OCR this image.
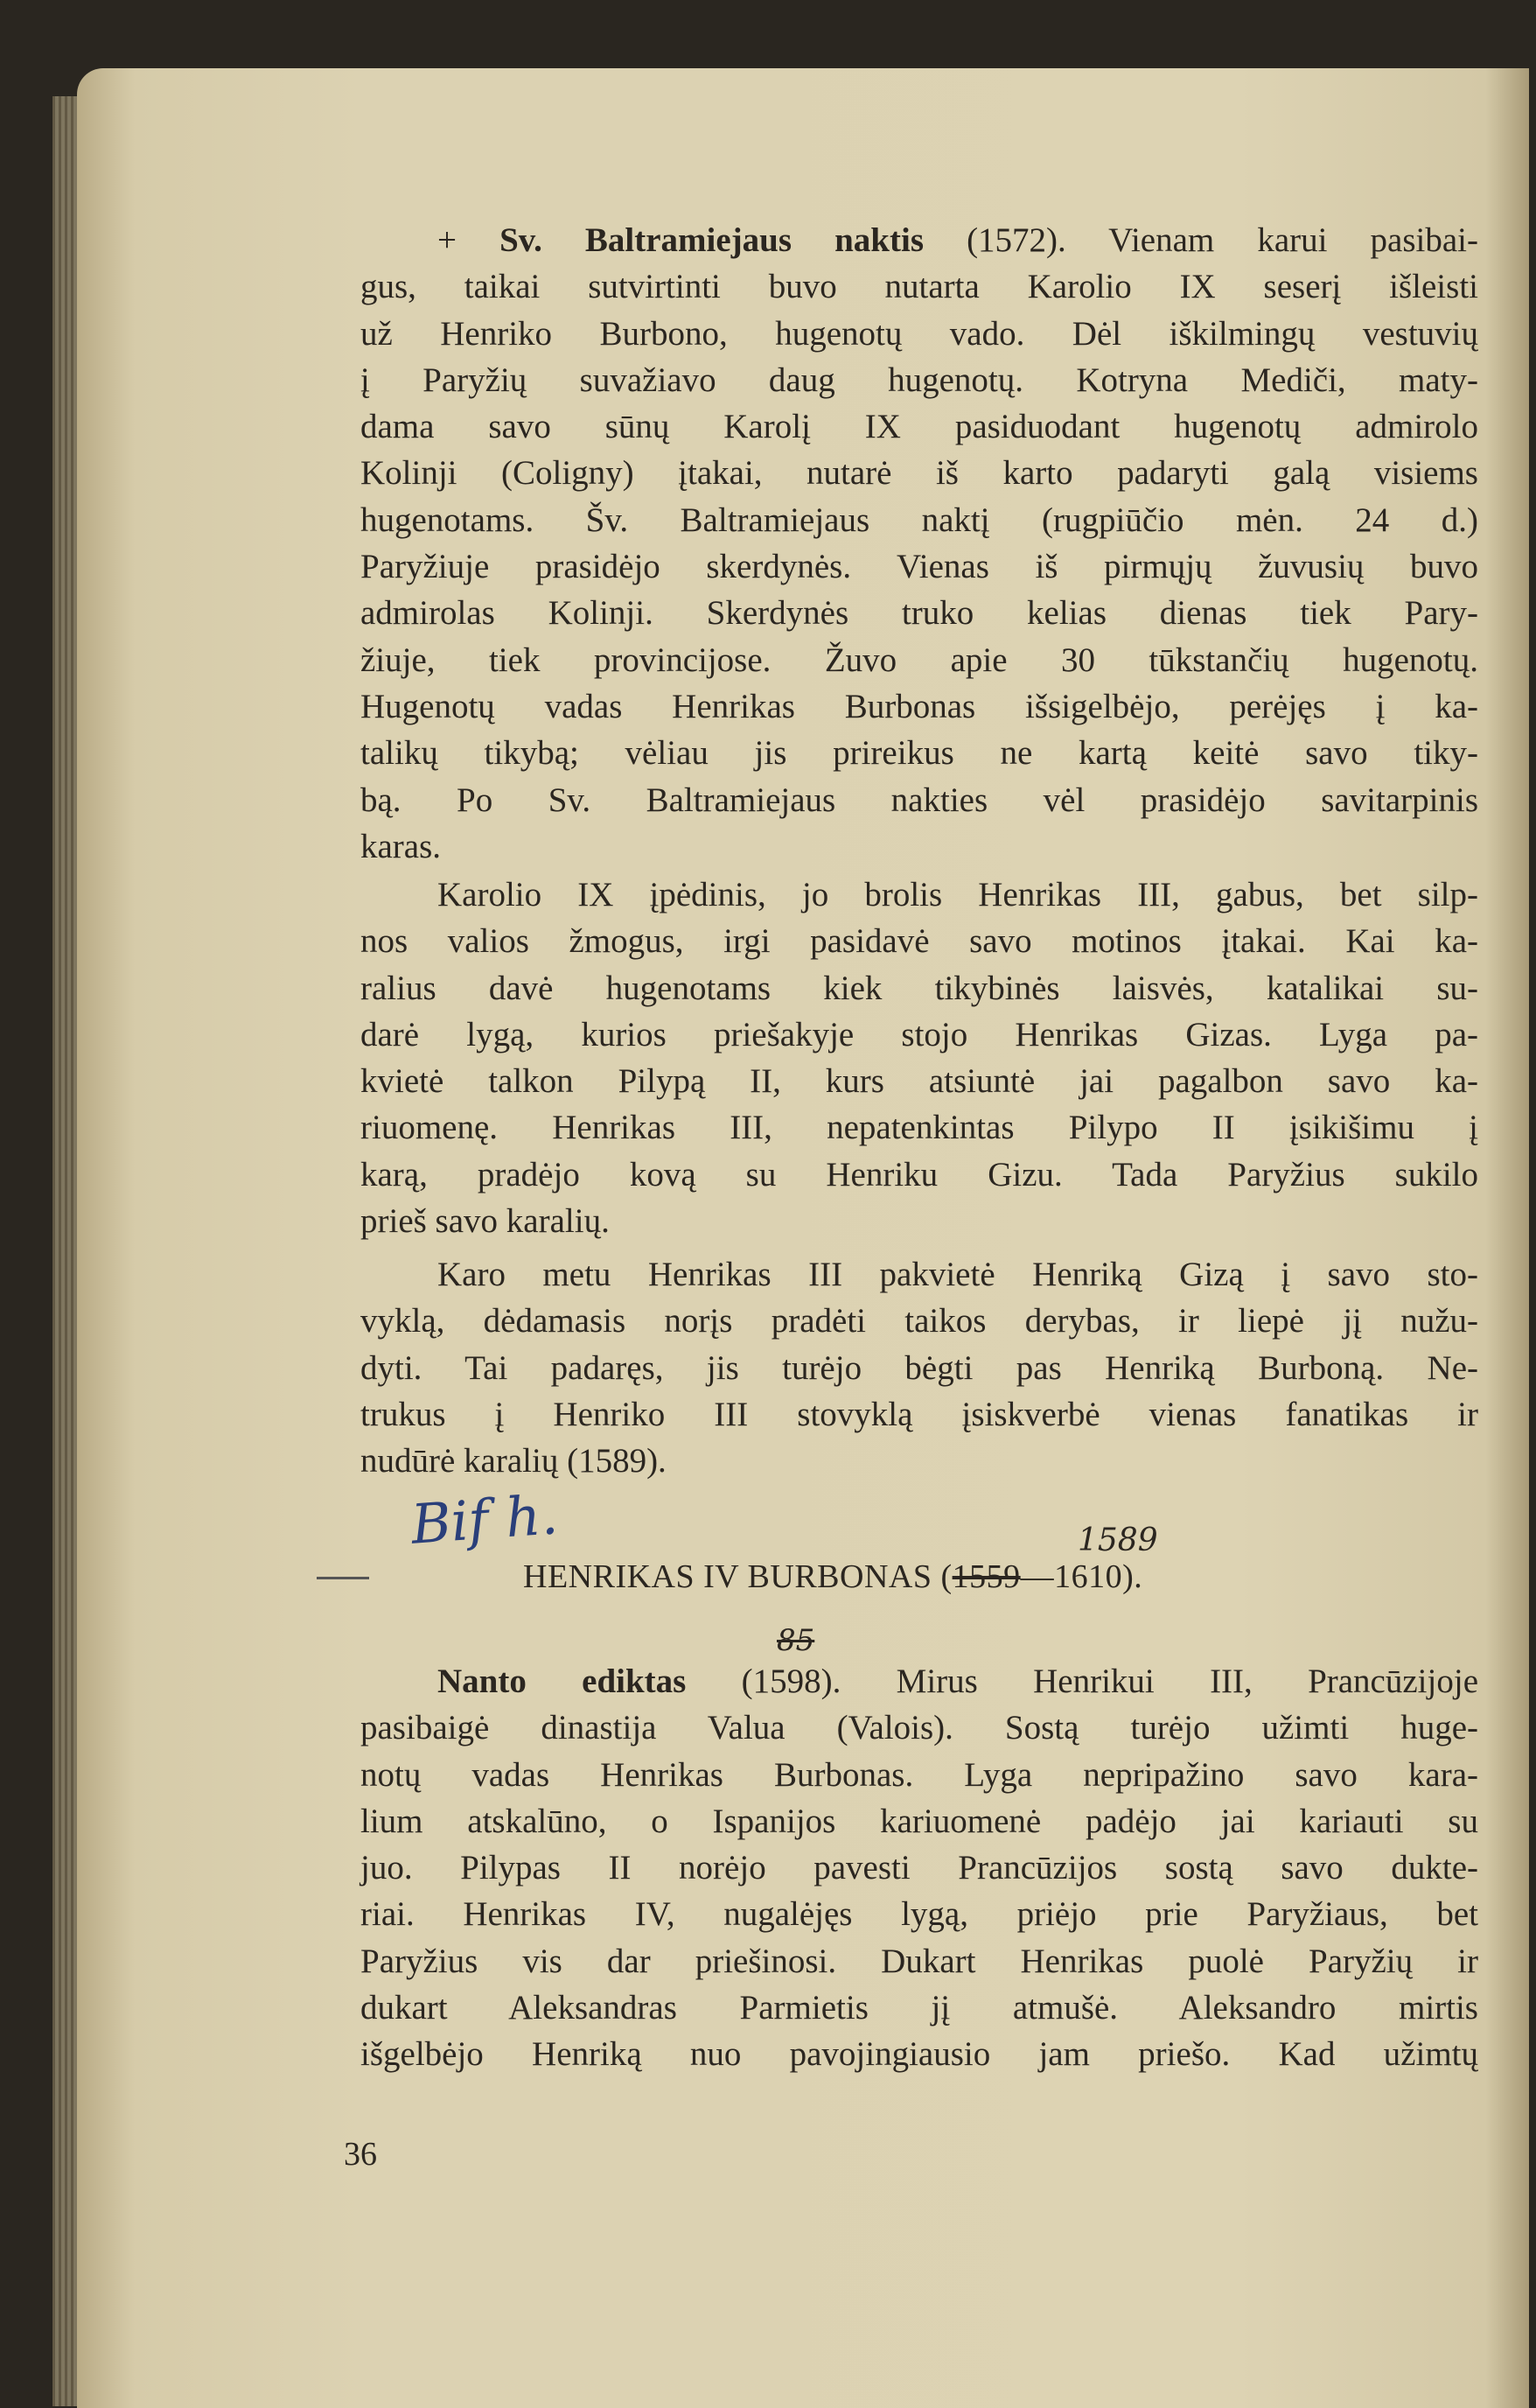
+ Sv. Baltramiejaus naktis (1572). Vienam karui pasibai-
gus, taikai sutvirtinti buvo nutarta Karolio IX seserį išleisti
už Henriko Burbono, hugenotų vado. Dėl iškilmingų vestuvių
į Paryžių suvažiavo daug hugenotų. Kotryna Mediči, maty-
dama savo sūnų Karolį IX pasiduodant hugenotų admirolo
Kolinji (Coligny) įtakai, nutarė iš karto padaryti galą visiems
hugenotams. Šv. Baltramiejaus naktį (rugpiūčio mėn. 24 d.)
Paryžiuje prasidėjo skerdynės. Vienas iš pirmųjų žuvusių buvo
admirolas Kolinji. Skerdynės truko kelias dienas tiek Pary-
žiuje, tiek provincijose. Žuvo apie 30 tūkstančių hugenotų.
Hugenotų vadas Henrikas Burbonas išsigelbėjo, perėjęs į ka-
talikų tikybą; vėliau jis prireikus ne kartą keitė savo tiky-
bą. Po Sv. Baltramiejaus nakties vėl prasidėjo savitarpinis
karas.
Karolio IX įpėdinis, jo brolis Henrikas III, gabus, bet silp-
nos valios žmogus, irgi pasidavė savo motinos įtakai. Kai ka-
ralius davė hugenotams kiek tikybinės laisvės, katalikai su-
darė lygą, kurios priešakyje stojo Henrikas Gizas. Lyga pa-
kvietė talkon Pilypą II, kurs atsiuntė jai pagalbon savo ka-
riuomenę. Henrikas III, nepatenkintas Pilypo II įsikišimu į
karą, pradėjo kovą su Henriku Gizu. Tada Paryžius sukilo
prieš savo karalių.
Karo metu Henrikas III pakvietė Henriką Gizą į savo sto-
vyklą, dėdamasis norįs pradėti taikos derybas, ir liepė jį nužu-
dyti. Tai padaręs, jis turėjo bėgti pas Henriką Burboną. Ne-
trukus į Henriko III stovyklą įsiskverbė vienas fanatikas ir
nudūrė karalių (1589).
HENRIKAS IV BURBONAS (1559—1610).
Bif h.	1589
85
Nanto ediktas (1598). Mirus Henrikui III, Prancūzijoje
pasibaigė dinastija Valua (Valois). Sostą turėjo užimti huge-
notų vadas Henrikas Burbonas. Lyga nepripažino savo kara-
lium atskalūno, o Ispanijos kariuomenė padėjo jai kariauti su
juo. Pilypas II norėjo pavesti Prancūzijos sostą savo dukte-
riai. Henrikas IV, nugalėjęs lygą, priėjo prie Paryžiaus, bet
Paryžius vis dar priešinosi. Dukart Henrikas puolė Paryžių ir
dukart Aleksandras Parmietis jį atmušė. Aleksandro mirtis
išgelbėjo Henriką nuo pavojingiausio jam priešo. Kad užimtų
36
